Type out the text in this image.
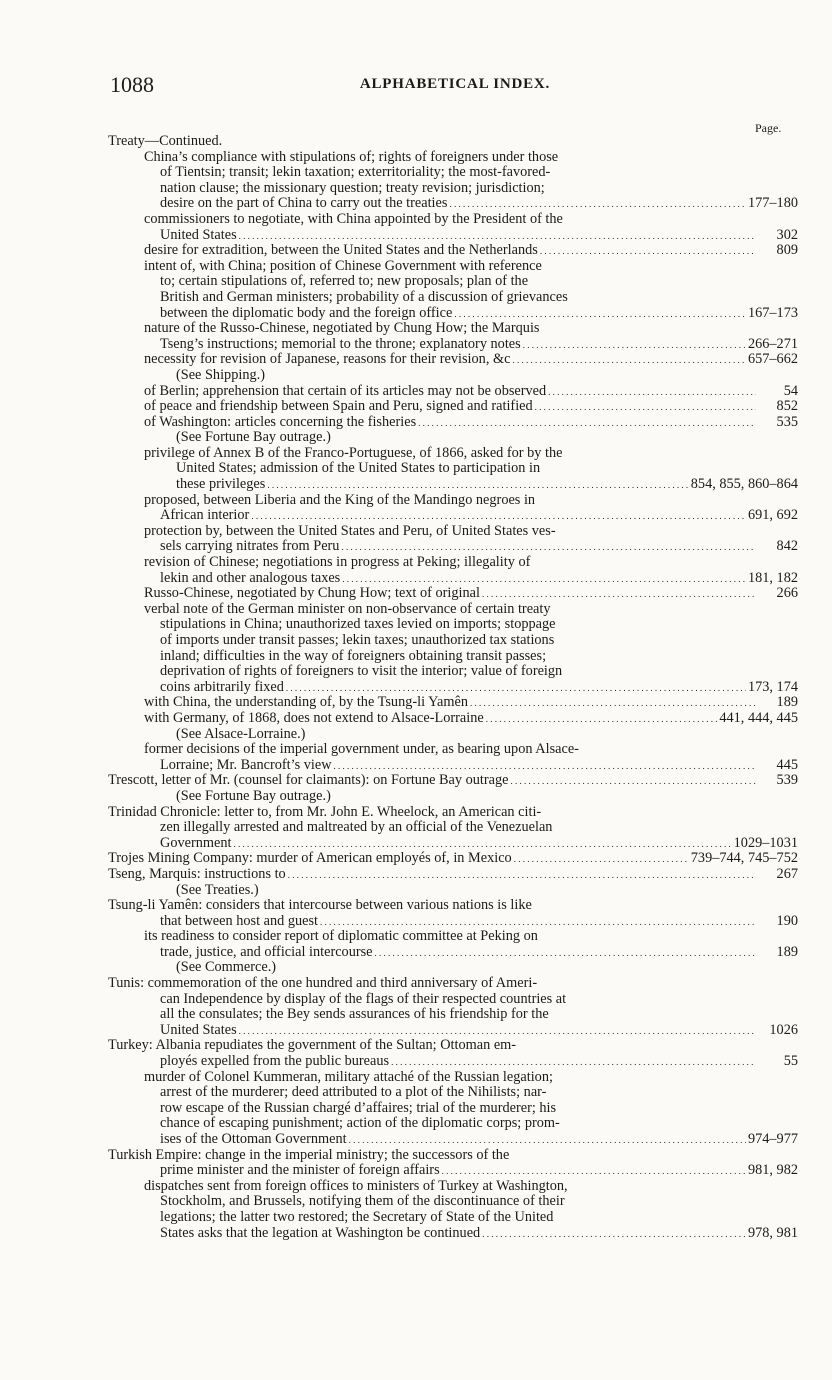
1088	ALPHABETICAL INDEX.
Page.
Treaty—Continued.
China’s compliance with stipulations of; rights of foreigners under those
of Tientsin; transit; lekin taxation; exterritoriality; the most-favored-
nation clause; the missionary question; treaty revision; jurisdiction;
desire on the part of China to carry out the treaties . . .	177–180
commissioners to negotiate, with China appointed by the President of the
United States . . .	302
desire for extradition, between the United States and the Netherlands . . .	809
intent of, with China; position of Chinese Government with reference
to; certain stipulations of, referred to; new proposals; plan of the
British and German ministers; probability of a discussion of grievances
between the diplomatic body and the foreign office . . .	167–173
nature of the Russo-Chinese, negotiated by Chung How; the Marquis
Tseng’s instructions; memorial to the throne; explanatory notes . . .	266–271
necessity for revision of Japanese, reasons for their revision, &c . . .	657–662
(See Shipping.)
of Berlin; apprehension that certain of its articles may not be observed . . .	54
of peace and friendship between Spain and Peru, signed and ratified . . .	852
of Washington: articles concerning the fisheries . . .	535
(See Fortune Bay outrage.)
privilege of Annex B of the Franco-Portuguese, of 1866, asked for by the
United States; admission of the United States to participation in
these privileges . . .	854, 855, 860–864
proposed, between Liberia and the King of the Mandingo negroes in
African interior . . .	691, 692
protection by, between the United States and Peru, of United States ves-
sels carrying nitrates from Peru . . .	842
revision of Chinese; negotiations in progress at Peking; illegality of
lekin and other analogous taxes . . .	181, 182
Russo-Chinese, negotiated by Chung How; text of original . . .	266
verbal note of the German minister on non-observance of certain treaty
stipulations in China; unauthorized taxes levied on imports; stoppage
of imports under transit passes; lekin taxes; unauthorized tax stations
inland; difficulties in the way of foreigners obtaining transit passes;
deprivation of rights of foreigners to visit the interior; value of foreign
coins arbitrarily fixed . . .	173, 174
with China, the understanding of, by the Tsung-li Yamên . . .	189
with Germany, of 1868, does not extend to Alsace-Lorraine . . .	441, 444, 445
(See Alsace-Lorraine.)
former decisions of the imperial government under, as bearing upon Alsace-
Lorraine; Mr. Bancroft’s view . . .	445
Trescott, letter of Mr. (counsel for claimants): on Fortune Bay outrage . . .	539
(See Fortune Bay outrage.)
Trinidad Chronicle: letter to, from Mr. John E. Wheelock, an American citi-
zen illegally arrested and maltreated by an official of the Venezuelan
Government . . .	1029–1031
Trojes Mining Company: murder of American employés of, in Mexico . . .	739–744, 745–752
Tseng, Marquis: instructions to . . .	267
(See Treaties.)
Tsung-li Yamên: considers that intercourse between various nations is like
that between host and guest . . .	190
its readiness to consider report of diplomatic committee at Peking on
trade, justice, and official intercourse . . .	189
(See Commerce.)
Tunis: commemoration of the one hundred and third anniversary of Ameri-
can Independence by display of the flags of their respected countries at
all the consulates; the Bey sends assurances of his friendship for the
United States . . .	1026
Turkey: Albania repudiates the government of the Sultan; Ottoman em-
ployés expelled from the public bureaus . . .	55
murder of Colonel Kummeran, military attaché of the Russian legation;
arrest of the murderer; deed attributed to a plot of the Nihilists; nar-
row escape of the Russian chargé d’affaires; trial of the murderer; his
chance of escaping punishment; action of the diplomatic corps; prom-
ises of the Ottoman Government . . .	974–977
Turkish Empire: change in the imperial ministry; the successors of the
prime minister and the minister of foreign affairs . . .	981, 982
dispatches sent from foreign offices to ministers of Turkey at Washington,
Stockholm, and Brussels, notifying them of the discontinuance of their
legations; the latter two restored; the Secretary of State of the United
States asks that the legation at Washington be continued . . .	978, 981
